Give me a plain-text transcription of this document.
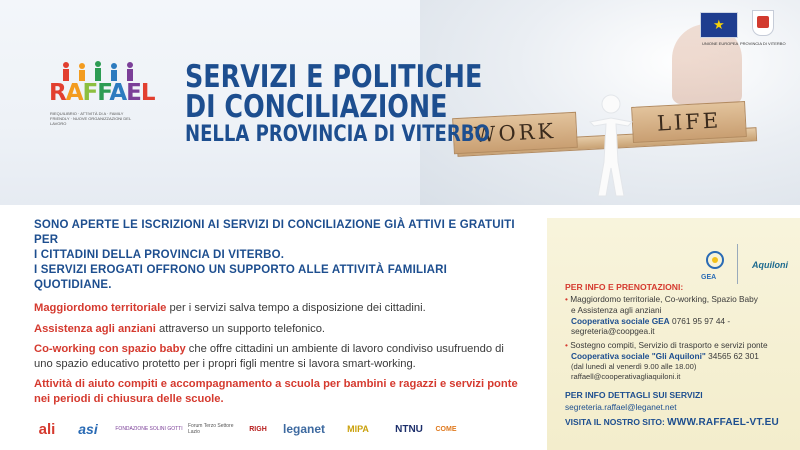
WORK	LIFE
★
UNIONE EUROPEA PROVINCIA DI VITERBO
RAFFAEL
RIEQUILIBRIO · ATTIVITÀ DI A · FAMILY FRIENDLY · NUOVE ORGANIZZAZIONI DEL LAVORO
SERVIZI E POLITICHE
DI CONCILIAZIONE
NELLA PROVINCIA DI VITERBO
SONO APERTE LE ISCRIZIONI AI SERVIZI DI CONCILIAZIONE GIÀ ATTIVI E GRATUITI PER
I CITTADINI DELLA PROVINCIA DI VITERBO.
I SERVIZI EROGATI OFFRONO UN SUPPORTO ALLE ATTIVITÀ FAMILIARI QUOTIDIANE.
Maggiordomo territoriale per i servizi salva tempo a disposizione dei cittadini.
Assistenza agli anziani attraverso un supporto telefonico.
Co-working con spazio baby che offre cittadini un ambiente di lavoro condiviso usufruendo di uno spazio educativo protetto per i propri figli mentre si lavora smart-working.
Attività di aiuto compiti e accompagnamento a scuola per bambini e ragazzi e servizi ponte nei periodi di chiusura delle scuole.
GEA
Aquiloni
PER INFO E PRENOTAZIONI:
• Maggiordomo territoriale, Co-working, Spazio Baby
e Assistenza agli anziani
Cooperativa sociale GEA 0761 95 97 44 - segreteria@coopgea.it
• Sostegno compiti, Servizio di trasporto e servizi ponte
Cooperativa sociale "Gli Aquiloni" 34565 62 301
(dal lunedì al venerdì 9.00 alle 18.00) raffaell@cooperativagliaquiloni.it
PER INFO DETTAGLI SUI SERVIZI
segreteria.raffael@leganet.net
VISITA IL NOSTRO SITO: WWW.RAFFAEL-VT.EU
ali	asi	FONDAZIONE SOLINI GOTTI	Forum Terzo Settore Lazio	RIGH	leganet	MIPA	NTNU	COME
